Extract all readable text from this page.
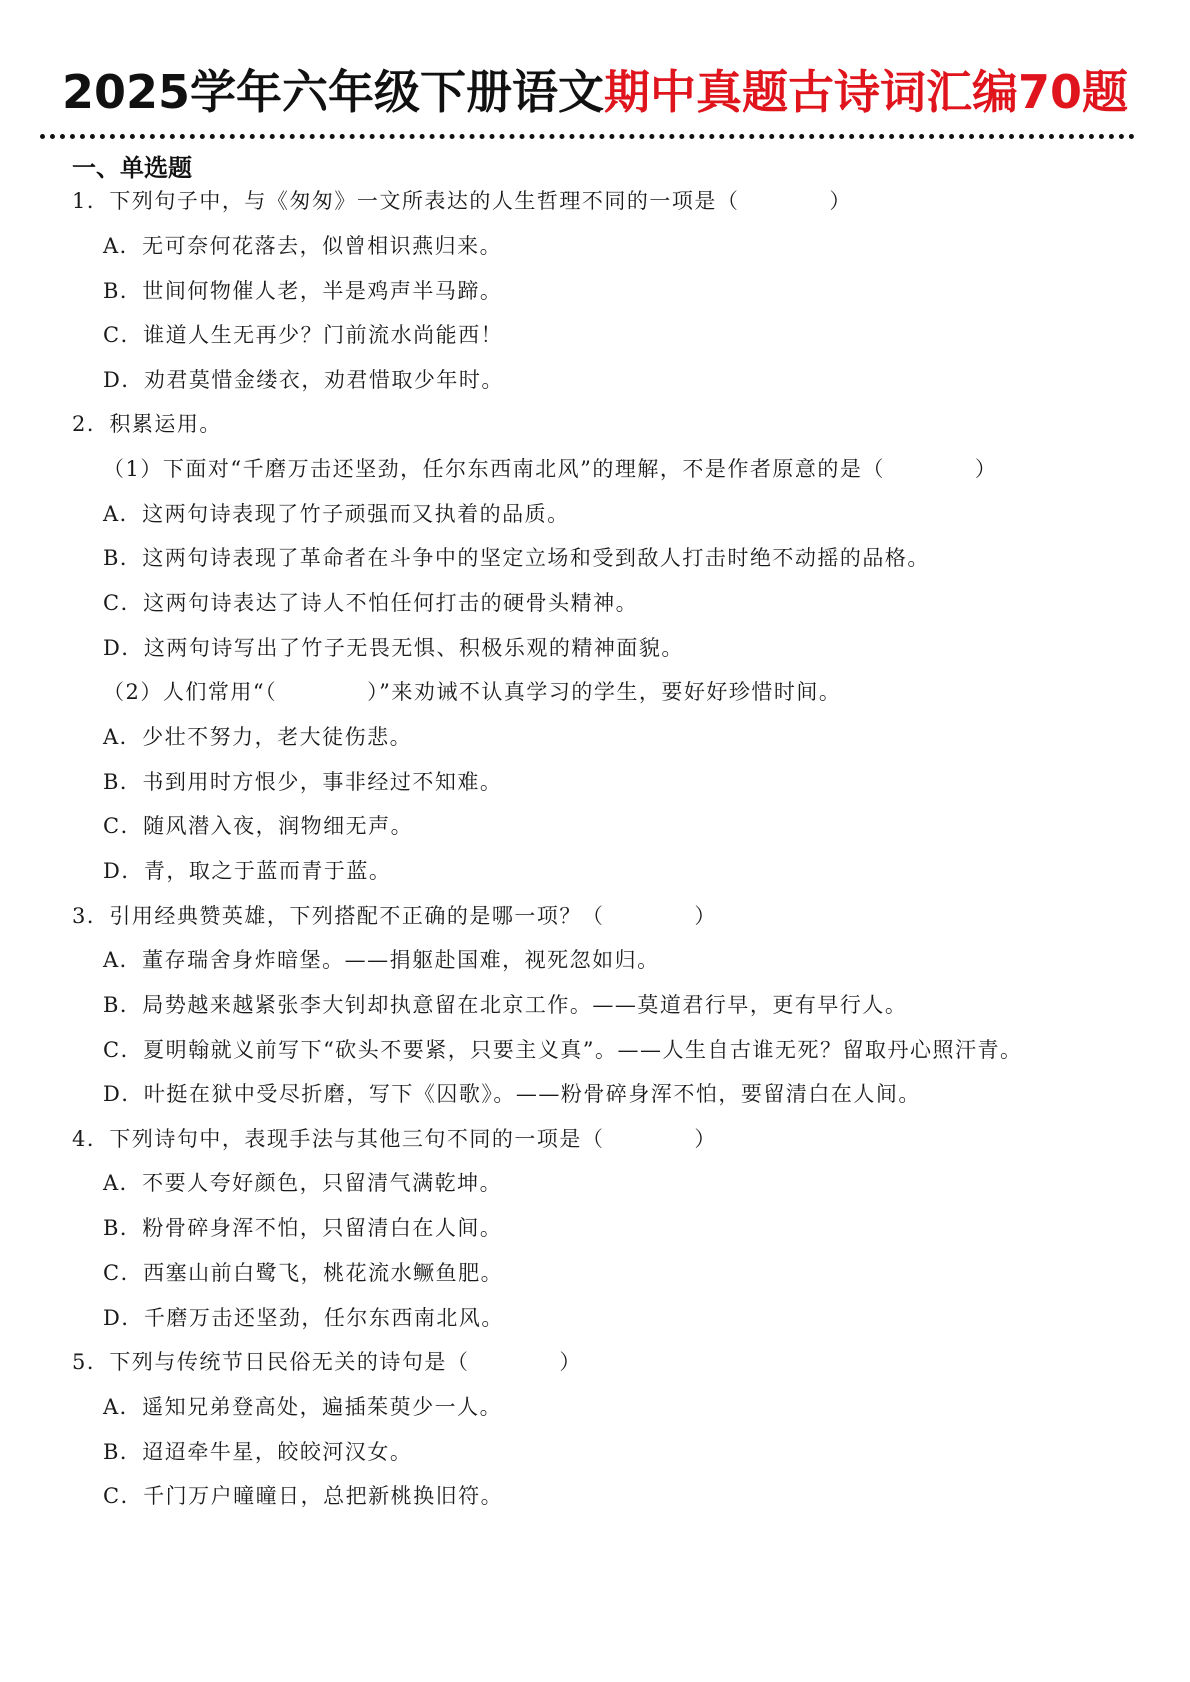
2025学年六年级下册语文期中真题古诗词汇编70题
一、单选题
1．下列句子中，与《匆匆》一文所表达的人生哲理不同的一项是（　　　　）
A．无可奈何花落去，似曾相识燕归来。
B．世间何物催人老，半是鸡声半马蹄。
C．谁道人生无再少？门前流水尚能西！
D．劝君莫惜金缕衣，劝君惜取少年时。
2．积累运用。
（1）下面对“千磨万击还坚劲，任尔东西南北风”的理解，不是作者原意的是（　　　　）
A．这两句诗表现了竹子顽强而又执着的品质。
B．这两句诗表现了革命者在斗争中的坚定立场和受到敌人打击时绝不动摇的品格。
C．这两句诗表达了诗人不怕任何打击的硬骨头精神。
D．这两句诗写出了竹子无畏无惧、积极乐观的精神面貌。
（2）人们常用“（　　　　）”来劝诫不认真学习的学生，要好好珍惜时间。
A．少壮不努力，老大徒伤悲。
B．书到用时方恨少，事非经过不知难。
C．随风潜入夜，润物细无声。
D．青，取之于蓝而青于蓝。
3．引用经典赞英雄，下列搭配不正确的是哪一项？（　　　　）
A．董存瑞舍身炸暗堡。——捐躯赴国难，视死忽如归。
B．局势越来越紧张李大钊却执意留在北京工作。——莫道君行早，更有早行人。
C．夏明翰就义前写下“砍头不要紧，只要主义真”。——人生自古谁无死？留取丹心照汗青。
D．叶挺在狱中受尽折磨，写下《囚歌》。——粉骨碎身浑不怕，要留清白在人间。
4．下列诗句中，表现手法与其他三句不同的一项是（　　　　）
A．不要人夸好颜色，只留清气满乾坤。
B．粉骨碎身浑不怕，只留清白在人间。
C．西塞山前白鹭飞，桃花流水鳜鱼肥。
D．千磨万击还坚劲，任尔东西南北风。
5．下列与传统节日民俗无关的诗句是（　　　　）
A．遥知兄弟登高处，遍插茱萸少一人。
B．迢迢牵牛星，皎皎河汉女。
C．千门万户曈曈日，总把新桃换旧符。
